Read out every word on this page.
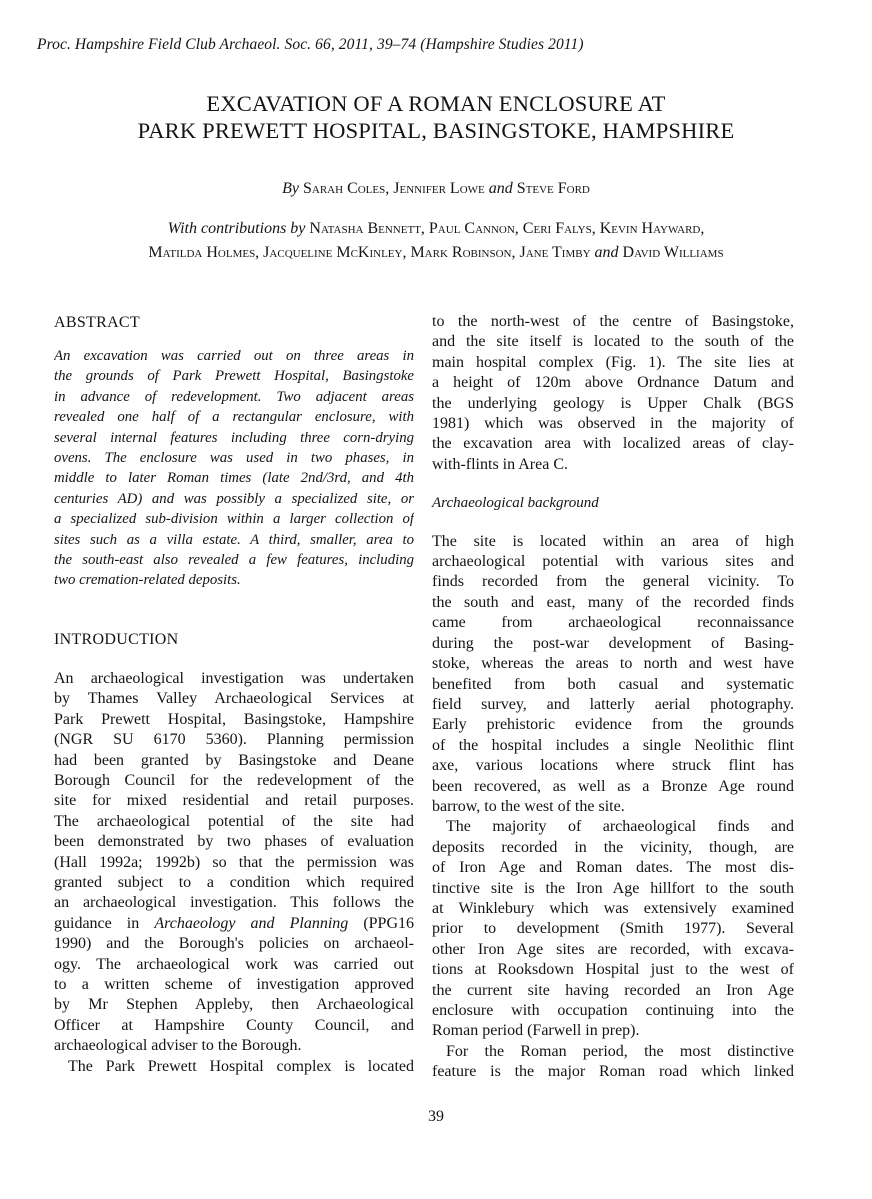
Proc. Hampshire Field Club Archaeol. Soc. 66, 2011, 39–74 (Hampshire Studies 2011)
EXCAVATION OF A ROMAN ENCLOSURE AT
PARK PREWETT HOSPITAL, BASINGSTOKE, HAMPSHIRE
By Sarah Coles, Jennifer Lowe and Steve Ford
With contributions by Natasha Bennett, Paul Cannon, Ceri Falys, Kevin Hayward,
Matilda Holmes, Jacqueline McKinley, Mark Robinson, Jane Timby and David Williams
ABSTRACT
An excavation was carried out on three areas in
the grounds of Park Prewett Hospital, Basingstoke
in advance of redevelopment. Two adjacent areas
revealed one half of a rectangular enclosure, with
several internal features including three corn-drying
ovens. The enclosure was used in two phases, in
middle to later Roman times (late 2nd/3rd, and 4th
centuries AD) and was possibly a specialized site, or
a specialized sub-division within a larger collection of
sites such as a villa estate. A third, smaller, area to
the south-east also revealed a few features, including
two cremation-related deposits.
INTRODUCTION
An archaeological investigation was undertaken
by Thames Valley Archaeological Services at
Park Prewett Hospital, Basingstoke, Hampshire
(NGR SU 6170 5360). Planning permission
had been granted by Basingstoke and Deane
Borough Council for the redevelopment of the
site for mixed residential and retail purposes.
The archaeological potential of the site had
been demonstrated by two phases of evaluation
(Hall 1992a; 1992b) so that the permission was
granted subject to a condition which required
an archaeological investigation. This follows the
guidance in Archaeology and Planning (PPG16
1990) and the Borough's policies on archaeol-
ogy. The archaeological work was carried out
to a written scheme of investigation approved
by Mr Stephen Appleby, then Archaeological
Officer at Hampshire County Council, and
archaeological adviser to the Borough.
The Park Prewett Hospital complex is located
to the north-west of the centre of Basingstoke,
and the site itself is located to the south of the
main hospital complex (Fig. 1). The site lies at
a height of 120m above Ordnance Datum and
the underlying geology is Upper Chalk (BGS
1981) which was observed in the majority of
the excavation area with localized areas of clay-
with-flints in Area C.
Archaeological background
The site is located within an area of high
archaeological potential with various sites and
finds recorded from the general vicinity. To
the south and east, many of the recorded finds
came from archaeological reconnaissance
during the post-war development of Basing-
stoke, whereas the areas to north and west have
benefited from both casual and systematic
field survey, and latterly aerial photography.
Early prehistoric evidence from the grounds
of the hospital includes a single Neolithic flint
axe, various locations where struck flint has
been recovered, as well as a Bronze Age round
barrow, to the west of the site.
The majority of archaeological finds and
deposits recorded in the vicinity, though, are
of Iron Age and Roman dates. The most dis-
tinctive site is the Iron Age hillfort to the south
at Winklebury which was extensively examined
prior to development (Smith 1977). Several
other Iron Age sites are recorded, with excava-
tions at Rooksdown Hospital just to the west of
the current site having recorded an Iron Age
enclosure with occupation continuing into the
Roman period (Farwell in prep).
For the Roman period, the most distinctive
feature is the major Roman road which linked
39
